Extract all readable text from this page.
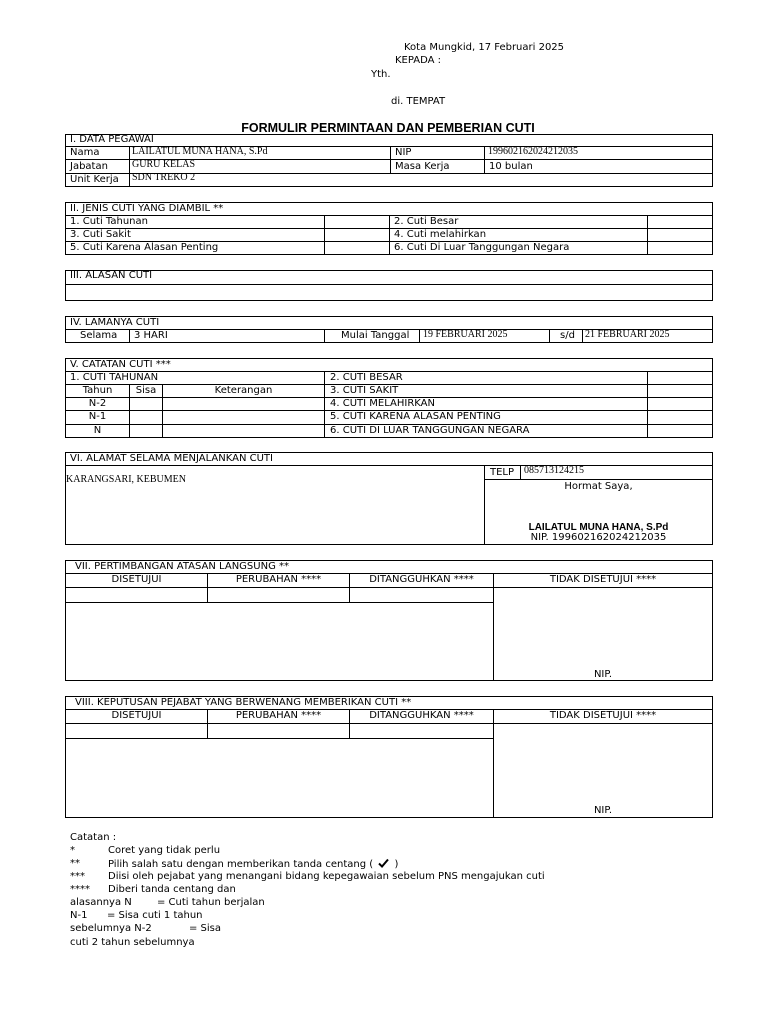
Kota Mungkid, 17 Februari 2025
KEPADA :
Yth.
di. TEMPAT
FORMULIR PERMINTAAN DAN PEMBERIAN CUTI
I. DATA PEGAWAI
Nama	LAILATUL MUNA HANA, S.Pd	NIP	199602162024212035
Jabatan GURU KELAS	Masa Kerja	10 bulan
Unit Kerja SDN TREKO 2
II. JENIS CUTI YANG DIAMBIL **
1. Cuti Tahunan	2. Cuti Besar
3. Cuti Sakit	4. Cuti melahirkan
5. Cuti Karena Alasan Penting	6. Cuti Di Luar Tanggungan Negara
III. ALASAN CUTI
IV. LAMANYA CUTI
Selama 3 HARI	Mulai Tanggal 19 FEBRUARI 2025	s/d 21 FEBRUARI 2025
V. CATATAN CUTI ***
1. CUTI TAHUNAN
Tahun	Sisa	Keterangan
N-2
N-1
N
2. CUTI BESAR
3. CUTI SAKIT
4. CUTI MELAHIRKAN
5. CUTI KARENA ALASAN PENTING
6. CUTI DI LUAR TANGGUNGAN NEGARA
VI. ALAMAT SELAMA MENJALANKAN CUTI
KARANGSARI, KEBUMEN
TELP 085713124215
Hormat Saya,
LAILATUL MUNA HANA, S.Pd
NIP. 199602162024212035
VII. PERTIMBANGAN ATASAN LANGSUNG **
DISETUJUI	PERUBAHAN ****	DITANGGUHKAN ****	TIDAK DISETUJUI ****
NIP.
VIII. KEPUTUSAN PEJABAT YANG BERWENANG MEMBERIKAN CUTI **
DISETUJUI	PERUBAHAN ****	DITANGGUHKAN ****	TIDAK DISETUJUI ****
NIP.
Catatan :
*	Coret yang tidak perlu
**	Pilih salah satu dengan memberikan tanda centang ( )
*** Diisi oleh pejabat yang menangani bidang kepegawaian sebelum PNS mengajukan cuti
**** Diberi tanda centang dan
alasannya N	= Cuti tahun berjalan
N-1 = Sisa cuti 1 tahun
sebelumnya N-2	= Sisa
cuti 2 tahun sebelumnya
